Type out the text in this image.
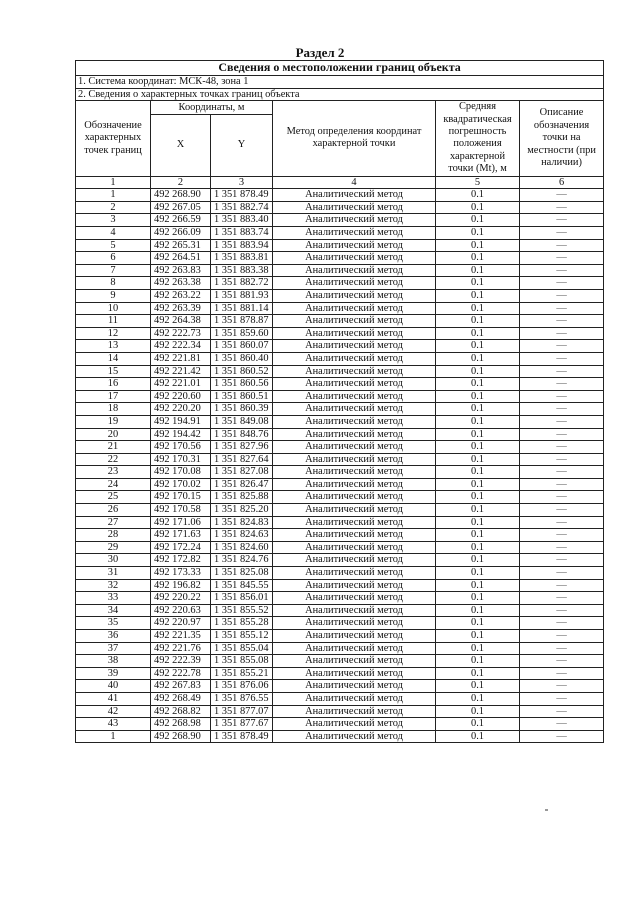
Раздел 2
Сведения о местоположении границ объекта					
1. Система координат: МСК-48, зона 1					
2. Сведения о характерных точках границ объекта					
Обозначение характерных точек границ	Координаты, м		Метод определения координат характерной точки	Средняя квадратическая погрешность положения характерной точки (Mt), м	Описание обозначения точки на местности (при наличии)
	X	Y			
1	2	3	4	5	6
1	492 268.90	1 351 878.49	Аналитический метод	0.1	—
2	492 267.05	1 351 882.74	Аналитический метод	0.1	—
3	492 266.59	1 351 883.40	Аналитический метод	0.1	—
4	492 266.09	1 351 883.74	Аналитический метод	0.1	—
5	492 265.31	1 351 883.94	Аналитический метод	0.1	—
6	492 264.51	1 351 883.81	Аналитический метод	0.1	—
7	492 263.83	1 351 883.38	Аналитический метод	0.1	—
8	492 263.38	1 351 882.72	Аналитический метод	0.1	—
9	492 263.22	1 351 881.93	Аналитический метод	0.1	—
10	492 263.39	1 351 881.14	Аналитический метод	0.1	—
11	492 264.38	1 351 878.87	Аналитический метод	0.1	—
12	492 222.73	1 351 859.60	Аналитический метод	0.1	—
13	492 222.34	1 351 860.07	Аналитический метод	0.1	—
14	492 221.81	1 351 860.40	Аналитический метод	0.1	—
15	492 221.42	1 351 860.52	Аналитический метод	0.1	—
16	492 221.01	1 351 860.56	Аналитический метод	0.1	—
17	492 220.60	1 351 860.51	Аналитический метод	0.1	—
18	492 220.20	1 351 860.39	Аналитический метод	0.1	—
19	492 194.91	1 351 849.08	Аналитический метод	0.1	—
20	492 194.42	1 351 848.76	Аналитический метод	0.1	—
21	492 170.56	1 351 827.96	Аналитический метод	0.1	—
22	492 170.31	1 351 827.64	Аналитический метод	0.1	—
23	492 170.08	1 351 827.08	Аналитический метод	0.1	—
24	492 170.02	1 351 826.47	Аналитический метод	0.1	—
25	492 170.15	1 351 825.88	Аналитический метод	0.1	—
26	492 170.58	1 351 825.20	Аналитический метод	0.1	—
27	492 171.06	1 351 824.83	Аналитический метод	0.1	—
28	492 171.63	1 351 824.63	Аналитический метод	0.1	—
29	492 172.24	1 351 824.60	Аналитический метод	0.1	—
30	492 172.82	1 351 824.76	Аналитический метод	0.1	—
31	492 173.33	1 351 825.08	Аналитический метод	0.1	—
32	492 196.82	1 351 845.55	Аналитический метод	0.1	—
33	492 220.22	1 351 856.01	Аналитический метод	0.1	—
34	492 220.63	1 351 855.52	Аналитический метод	0.1	—
35	492 220.97	1 351 855.28	Аналитический метод	0.1	—
36	492 221.35	1 351 855.12	Аналитический метод	0.1	—
37	492 221.76	1 351 855.04	Аналитический метод	0.1	—
38	492 222.39	1 351 855.08	Аналитический метод	0.1	—
39	492 222.78	1 351 855.21	Аналитический метод	0.1	—
40	492 267.83	1 351 876.06	Аналитический метод	0.1	—
41	492 268.49	1 351 876.55	Аналитический метод	0.1	—
42	492 268.82	1 351 877.07	Аналитический метод	0.1	—
43	492 268.98	1 351 877.67	Аналитический метод	0.1	—
1	492 268.90	1 351 878.49	Аналитический метод	0.1	—
